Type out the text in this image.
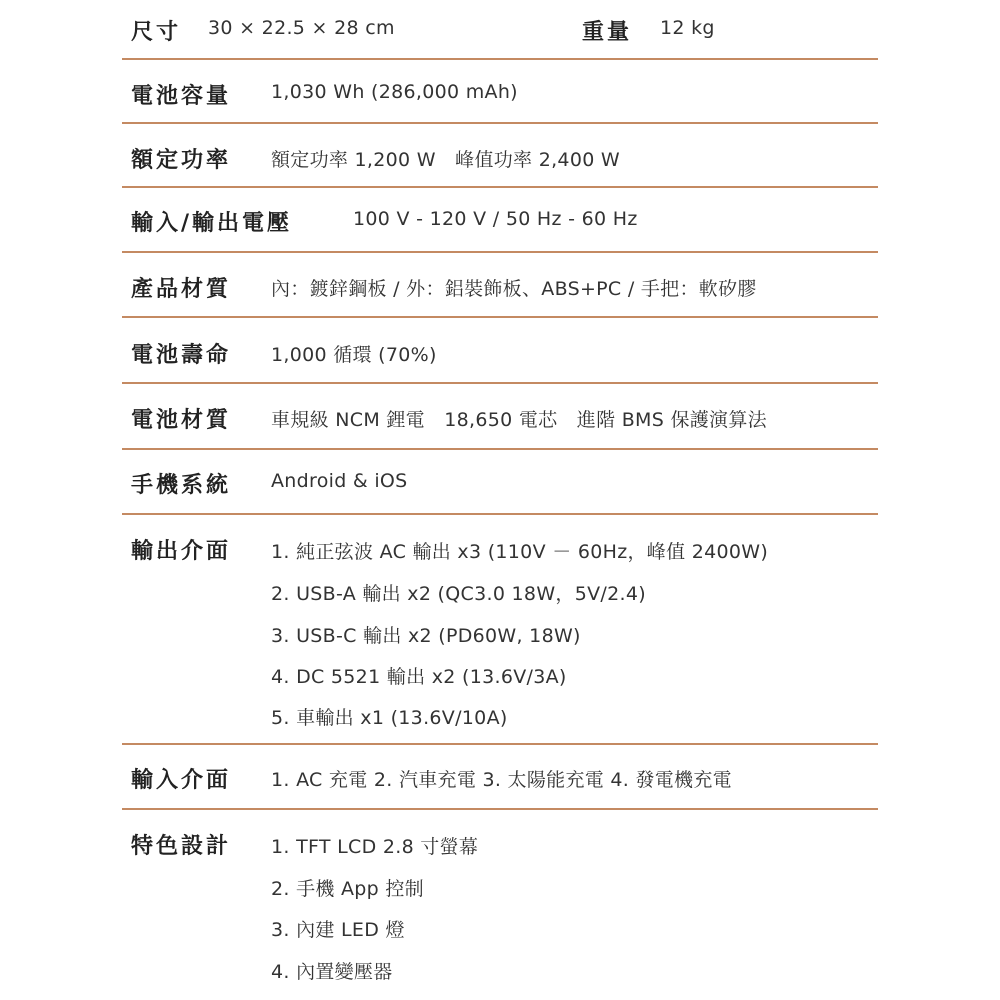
尺寸 30 × 22.5 × 28 cm	重量 12 kg
電池容量 1,030 Wh (286,000 mAh)
額定功率 額定功率 1,200 W　峰值功率 2,400 W
輸入/輸出電壓	100 V - 120 V / 50 Hz - 60 Hz
產品材質 內：鍍鋅鋼板 / 外：鋁裝飾板、ABS+PC / 手把：軟矽膠
電池壽命 1,000 循環 (70%)
電池材質 車規級 NCM 鋰電　18,650 電芯　進階 BMS 保護演算法
手機系統 Android & iOS
輸出介面 1. 純正弦波 AC 輸出 x3 (110V － 60Hz，峰值 2400W)
2. USB-A 輸出 x2 (QC3.0 18W，5V/2.4)
3. USB-C 輸出 x2 (PD60W, 18W)
4. DC 5521 輸出 x2 (13.6V/3A)
5. 車輸出 x1 (13.6V/10A)
輸入介面 1. AC 充電 2. 汽車充電 3. 太陽能充電 4. 發電機充電
特色設計 1. TFT LCD 2.8 寸螢幕
2. 手機 App 控制
3. 內建 LED 燈
4. 內置變壓器
